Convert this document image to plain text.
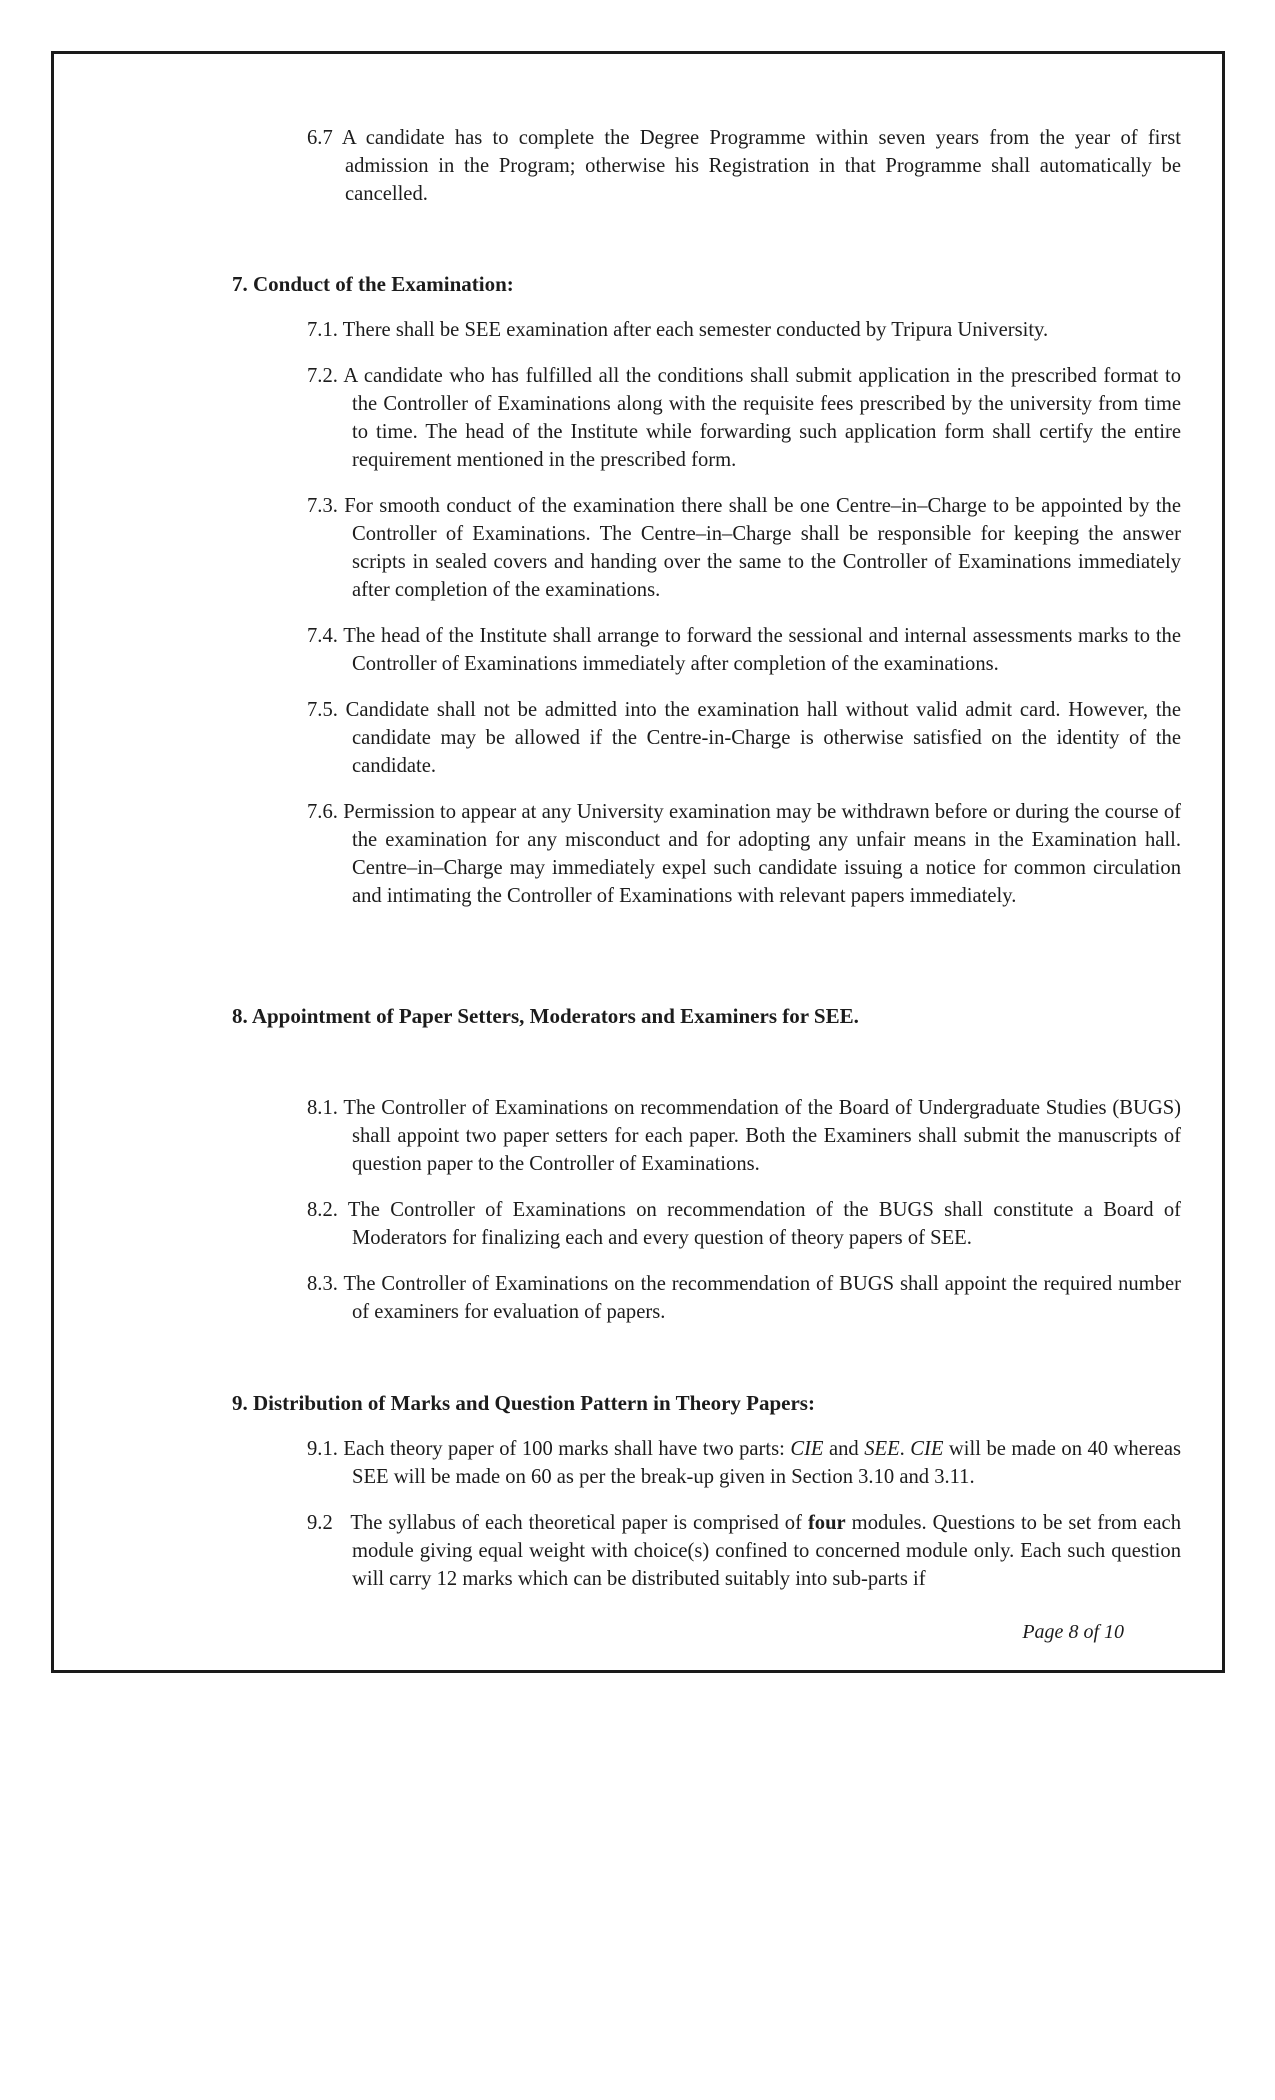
6.7 A candidate has to complete the Degree Programme within seven years from the year of first admission in the Program; otherwise his Registration in that Programme shall automatically be cancelled.

7. Conduct of the Examination:

7.1. There shall be SEE examination after each semester conducted by Tripura University.

7.2. A candidate who has fulfilled all the conditions shall submit application in the prescribed format to the Controller of Examinations along with the requisite fees prescribed by the university from time to time. The head of the Institute while forwarding such application form shall certify the entire requirement mentioned in the prescribed form.

7.3. For smooth conduct of the examination there shall be one Centre–in–Charge to be appointed by the Controller of Examinations. The Centre–in–Charge shall be responsible for keeping the answer scripts in sealed covers and handing over the same to the Controller of Examinations immediately after completion of the examinations.

7.4. The head of the Institute shall arrange to forward the sessional and internal assessments marks to the Controller of Examinations immediately after completion of the examinations.

7.5. Candidate shall not be admitted into the examination hall without valid admit card. However, the candidate may be allowed if the Centre-in-Charge is otherwise satisfied on the identity of the candidate.

7.6. Permission to appear at any University examination may be withdrawn before or during the course of the examination for any misconduct and for adopting any unfair means in the Examination hall. Centre–in–Charge may immediately expel such candidate issuing a notice for common circulation and intimating the Controller of Examinations with relevant papers immediately.

8. Appointment of Paper Setters, Moderators and Examiners for SEE.

8.1. The Controller of Examinations on recommendation of the Board of Undergraduate Studies (BUGS) shall appoint two paper setters for each paper. Both the Examiners shall submit the manuscripts of question paper to the Controller of Examinations.

8.2. The Controller of Examinations on recommendation of the BUGS shall constitute a Board of Moderators for finalizing each and every question of theory papers of SEE.

8.3. The Controller of Examinations on the recommendation of BUGS shall appoint the required number of examiners for evaluation of papers.

9. Distribution of Marks and Question Pattern in Theory Papers:

9.1. Each theory paper of 100 marks shall have two parts: CIE and SEE. CIE will be made on 40 whereas SEE will be made on 60 as per the break-up given in Section 3.10 and 3.11.

9.2   The syllabus of each theoretical paper is comprised of four modules. Questions to be set from each module giving equal weight with choice(s) confined to concerned module only. Each such question will carry 12 marks which can be distributed suitably into sub-parts if

Page 8 of 10
